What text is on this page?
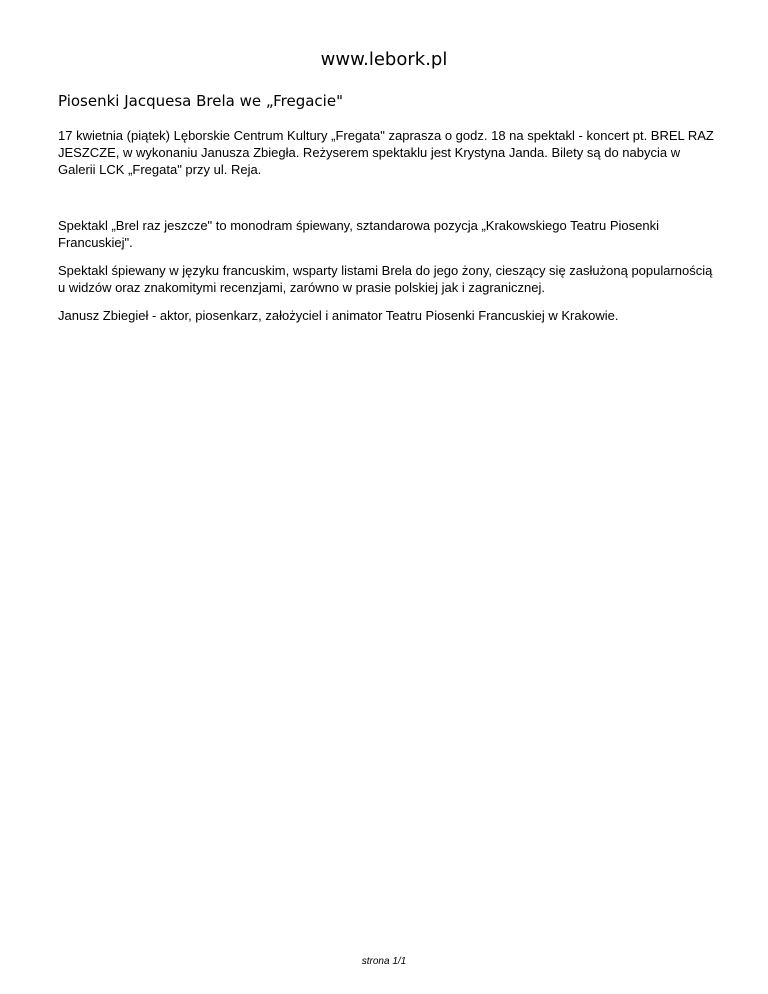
www.lebork.pl
Piosenki Jacquesa Brela we „Fregacie"

17 kwietnia (piątek) Lęborskie Centrum Kultury „Fregata" zaprasza o godz. 18 na spektakl - koncert pt. BREL RAZ JESZCZE, w wykonaniu Janusza Zbiegła. Reżyserem spektaklu jest Krystyna Janda. Bilety są do nabycia w Galerii LCK „Fregata" przy ul. Reja.

Spektakl „Brel raz jeszcze" to monodram śpiewany, sztandarowa pozycja „Krakowskiego Teatru Piosenki Francuskiej".

Spektakl śpiewany w języku francuskim, wsparty listami Brela do jego żony, cieszący się zasłużoną popularnością u widzów oraz znakomitymi recenzjami, zarówno w prasie polskiej jak i zagranicznej.

Janusz Zbiegieł - aktor, piosenkarz, założyciel i animator Teatru Piosenki Francuskiej w Krakowie.

strona 1/1
